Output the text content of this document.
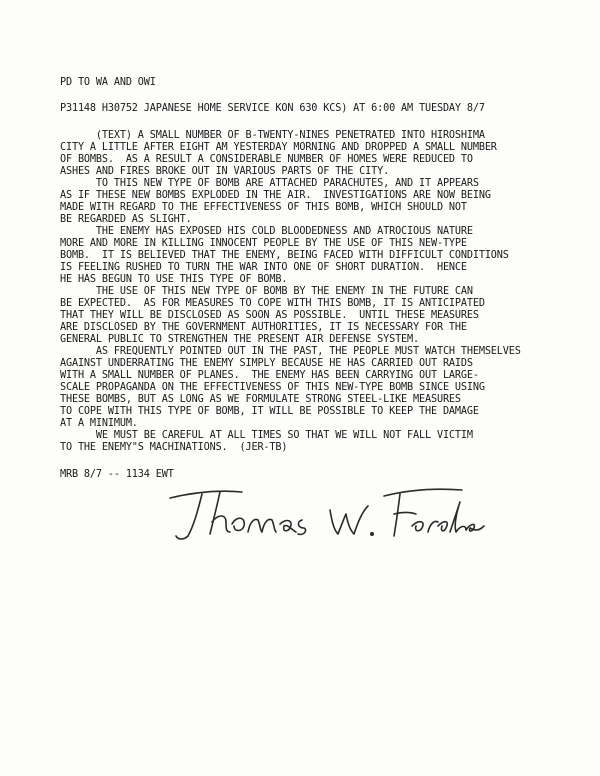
PD TO WA AND OWI
P31148 H30752 JAPANESE HOME SERVICE KON 630 KCS) AT 6:00 AM TUESDAY 8/7
(TEXT) A SMALL NUMBER OF B-TWENTY-NINES PENETRATED INTO HIROSHIMA
CITY A LITTLE AFTER EIGHT AM YESTERDAY MORNING AND DROPPED A SMALL NUMBER
OF BOMBS.  AS A RESULT A CONSIDERABLE NUMBER OF HOMES WERE REDUCED TO
ASHES AND FIRES BROKE OUT IN VARIOUS PARTS OF THE CITY.
TO THIS NEW TYPE OF BOMB ARE ATTACHED PARACHUTES, AND IT APPEARS
AS IF THESE NEW BOMBS EXPLODED IN THE AIR.  INVESTIGATIONS ARE NOW BEING
MADE WITH REGARD TO THE EFFECTIVENESS OF THIS BOMB, WHICH SHOULD NOT
BE REGARDED AS SLIGHT.
THE ENEMY HAS EXPOSED HIS COLD BLOODEDNESS AND ATROCIOUS NATURE
MORE AND MORE IN KILLING INNOCENT PEOPLE BY THE USE OF THIS NEW-TYPE
BOMB.  IT IS BELIEVED THAT THE ENEMY, BEING FACED WITH DIFFICULT CONDITIONS
IS FEELING RUSHED TO TURN THE WAR INTO ONE OF SHORT DURATION.  HENCE
HE HAS BEGUN TO USE THIS TYPE OF BOMB.
THE USE OF THIS NEW TYPE OF BOMB BY THE ENEMY IN THE FUTURE CAN
BE EXPECTED.  AS FOR MEASURES TO COPE WITH THIS BOMB, IT IS ANTICIPATED
THAT THEY WILL BE DISCLOSED AS SOON AS POSSIBLE.  UNTIL THESE MEASURES
ARE DISCLOSED BY THE GOVERNMENT AUTHORITIES, IT IS NECESSARY FOR THE
GENERAL PUBLIC TO STRENGTHEN THE PRESENT AIR DEFENSE SYSTEM.
AS FREQUENTLY POINTED OUT IN THE PAST, THE PEOPLE MUST WATCH THEMSELVES
AGAINST UNDERRATING THE ENEMY SIMPLY BECAUSE HE HAS CARRIED OUT RAIDS
WITH A SMALL NUMBER OF PLANES.  THE ENEMY HAS BEEN CARRYING OUT LARGE-
SCALE PROPAGANDA ON THE EFFECTIVENESS OF THIS NEW-TYPE BOMB SINCE USING
THESE BOMBS, BUT AS LONG AS WE FORMULATE STRONG STEEL-LIKE MEASURES
TO COPE WITH THIS TYPE OF BOMB, IT WILL BE POSSIBLE TO KEEP THE DAMAGE
AT A MINIMUM.
WE MUST BE CAREFUL AT ALL TIMES SO THAT WE WILL NOT FALL VICTIM
TO THE ENEMY"S MACHINATIONS.  (JER-TB)
MRB 8/7 -- 1134 EWT
